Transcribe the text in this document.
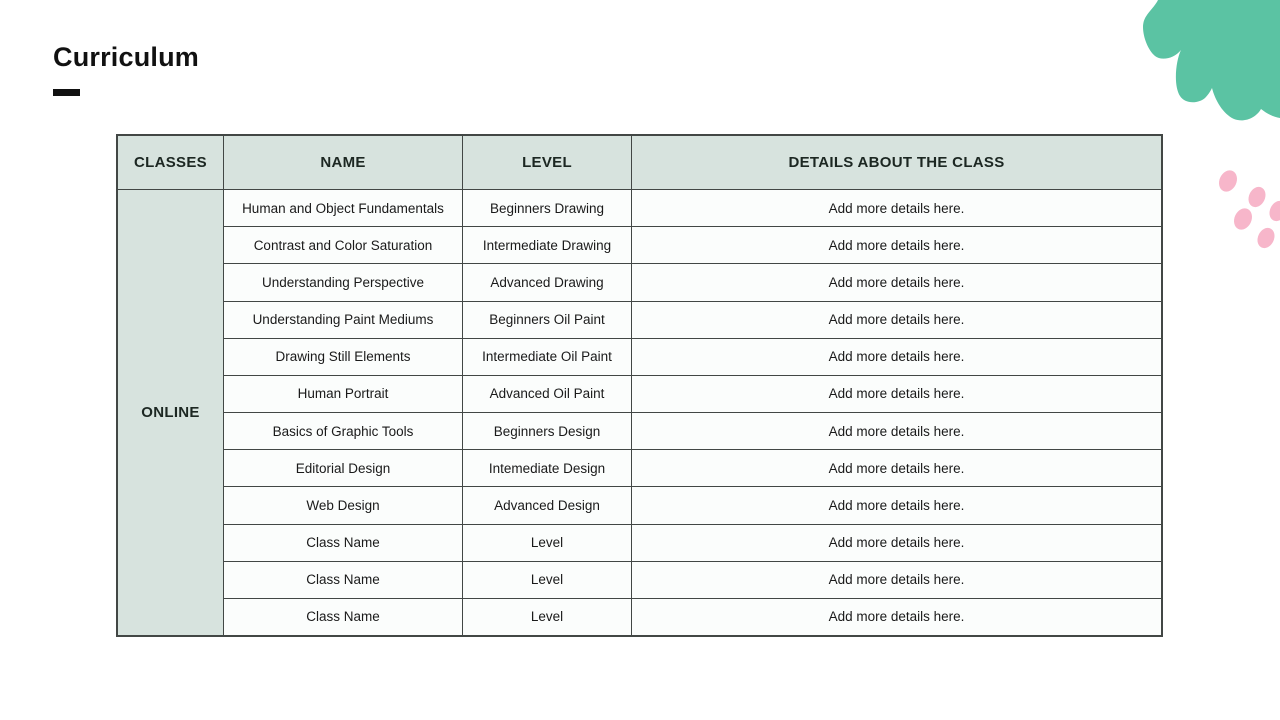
Curriculum
CLASSES	NAME	LEVEL	DETAILS ABOUT THE CLASS
ONLINE
Human and Object Fundamentals	Beginners Drawing	Add more details here.
Contrast and Color Saturation	Intermediate Drawing	Add more details here.
Understanding Perspective	Advanced Drawing	Add more details here.
Understanding Paint Mediums	Beginners Oil Paint	Add more details here.
Drawing Still Elements	Intermediate Oil Paint	Add more details here.
Human Portrait	Advanced Oil Paint	Add more details here.
Basics of Graphic Tools	Beginners Design	Add more details here.
Editorial Design	Intemediate Design	Add more details here.
Web Design	Advanced Design	Add more details here.
Class Name	Level	Add more details here.
Class Name	Level	Add more details here.
Class Name	Level	Add more details here.
